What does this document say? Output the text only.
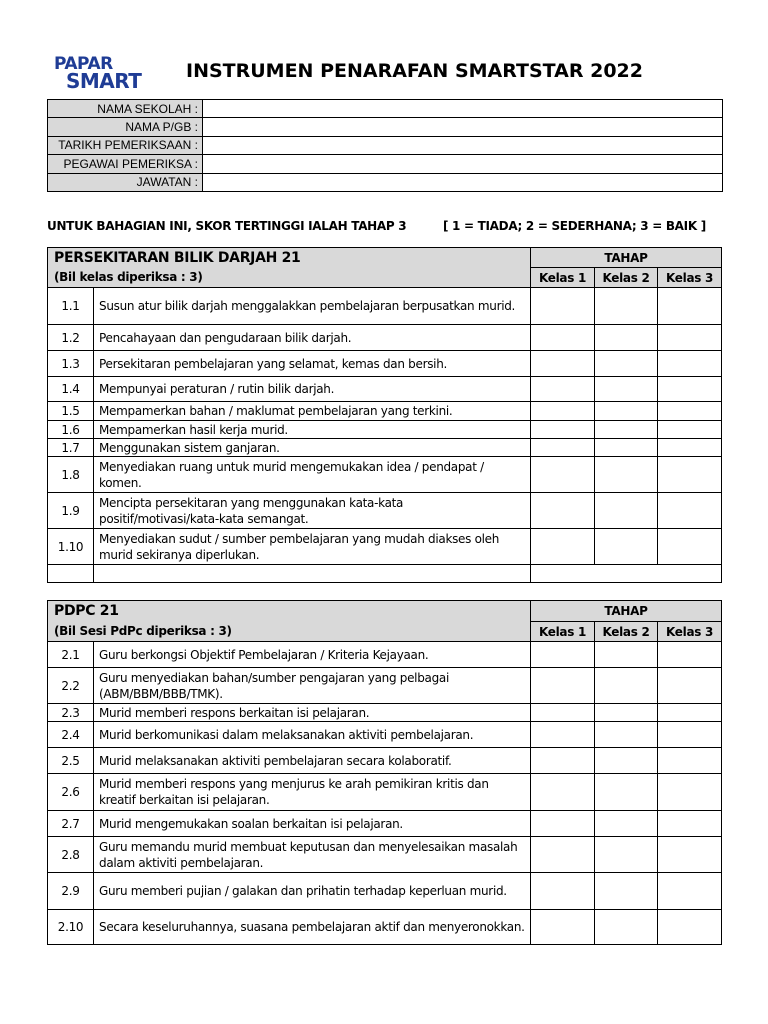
PAPAR
SMART INSTRUMEN PENARAFAN SMARTSTAR 2022
NAMA SEKOLAH :	
NAMA P/GB :	
TARIKH PEMERIKSAAN :	
PEGAWAI PEMERIKSA :	
JAWATAN :	
UNTUK BAHAGIAN INI, SKOR TERTINGGI IALAH TAHAP 3	[ 1 = TIADA; 2 = SEDERHANA; 3 = BAIK ]
PERSEKITARAN BILIK DARJAH 21		TAHAP		
(Bil kelas diperiksa : 3)		Kelas 1	Kelas 2	Kelas 3
1.1	Susun atur bilik darjah menggalakkan pembelajaran berpusatkan murid.			
1.2	Pencahayaan dan pengudaraan bilik darjah.			
1.3	Persekitaran pembelajaran yang selamat, kemas dan bersih.			
1.4	Mempunyai peraturan / rutin bilik darjah.			
1.5	Mempamerkan bahan / maklumat pembelajaran yang terkini.			
1.6	Mempamerkan hasil kerja murid.			
1.7	Menggunakan sistem ganjaran.			
1.8	Menyediakan ruang untuk murid mengemukakan idea / pendapat / komen.			
1.9	Mencipta persekitaran yang menggunakan kata-kata positif/motivasi/kata-kata semangat.			
1.10	Menyediakan sudut / sumber pembelajaran yang mudah diakses oleh murid sekiranya diperlukan.			

PDPC 21		TAHAP		
(Bil Sesi PdPc diperiksa : 3)		Kelas 1	Kelas 2	Kelas 3
2.1	Guru berkongsi Objektif Pembelajaran / Kriteria Kejayaan.			
2.2	Guru menyediakan bahan/sumber pengajaran yang pelbagai (ABM/BBM/BBB/TMK).			
2.3	Murid memberi respons berkaitan isi pelajaran.			
2.4	Murid berkomunikasi dalam melaksanakan aktiviti pembelajaran.			
2.5	Murid melaksanakan aktiviti pembelajaran secara kolaboratif.			
2.6	Murid memberi respons yang menjurus ke arah pemikiran kritis dan kreatif berkaitan isi pelajaran.			
2.7	Murid mengemukakan soalan berkaitan isi pelajaran.			
2.8	Guru memandu murid membuat keputusan dan menyelesaikan masalah dalam aktiviti pembelajaran.			
2.9	Guru memberi pujian / galakan dan prihatin terhadap keperluan murid.			
2.10	Secara keseluruhannya, suasana pembelajaran aktif dan menyeronokkan.			
